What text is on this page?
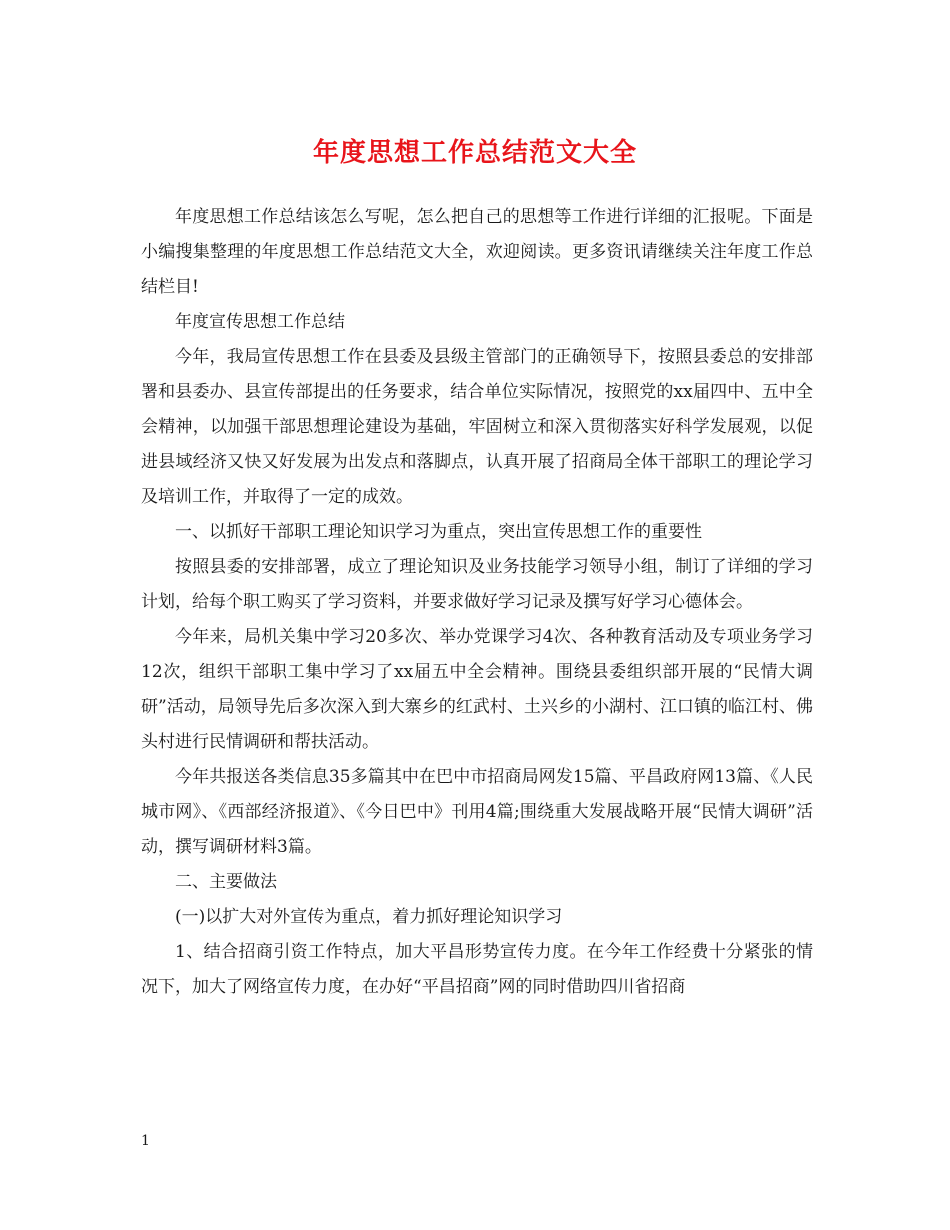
年度思想工作总结范文大全

年度思想工作总结该怎么写呢，怎么把自己的思想等工作进行详细的汇报呢。下面是小编搜集整理的年度思想工作总结范文大全，欢迎阅读。更多资讯请继续关注年度工作总结栏目!

年度宣传思想工作总结

今年，我局宣传思想工作在县委及县级主管部门的正确领导下，按照县委总的安排部署和县委办、县宣传部提出的任务要求，结合单位实际情况，按照党的xx届四中、五中全会精神，以加强干部思想理论建设为基础，牢固树立和深入贯彻落实好科学发展观，以促进县域经济又快又好发展为出发点和落脚点，认真开展了招商局全体干部职工的理论学习及培训工作，并取得了一定的成效。

一、以抓好干部职工理论知识学习为重点，突出宣传思想工作的重要性

按照县委的安排部署，成立了理论知识及业务技能学习领导小组，制订了详细的学习计划，给每个职工购买了学习资料，并要求做好学习记录及撰写好学习心德体会。

今年来，局机关集中学习20多次、举办党课学习4次、各种教育活动及专项业务学习12次，组织干部职工集中学习了xx届五中全会精神。围绕县委组织部开展的“民情大调研”活动，局领导先后多次深入到大寨乡的红武村、土兴乡的小湖村、江口镇的临江村、佛头村进行民情调研和帮扶活动。

今年共报送各类信息35多篇其中在巴中市招商局网发15篇、平昌政府网13篇、《人民城市网》、《西部经济报道》、《今日巴中》刊用4篇;围绕重大发展战略开展“民情大调研”活动，撰写调研材料3篇。

二、主要做法

(一)以扩大对外宣传为重点，着力抓好理论知识学习

1、结合招商引资工作特点，加大平昌形势宣传力度。在今年工作经费十分紧张的情况下，加大了网络宣传力度，在办好“平昌招商”网的同时借助四川省招商

1
